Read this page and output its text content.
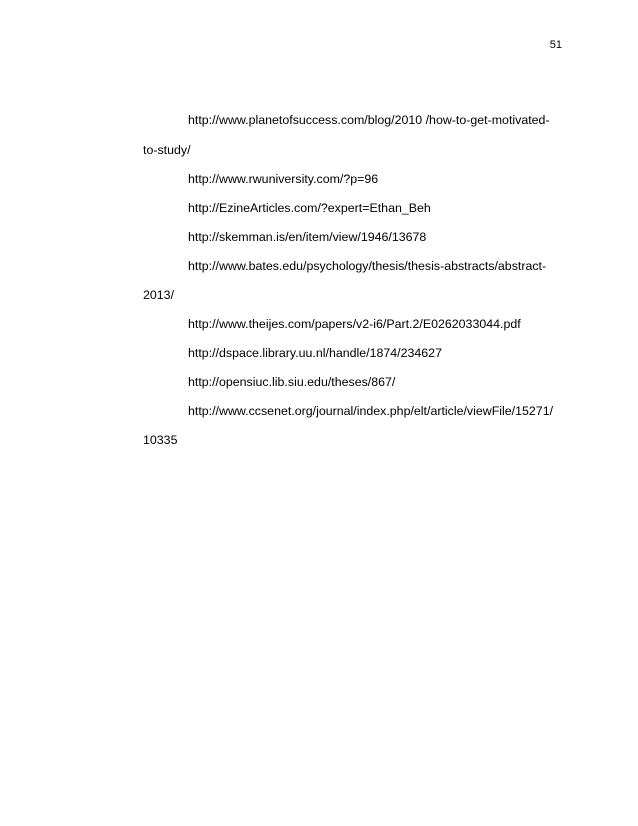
51
http://www.planetofsuccess.com/blog/2010 /how-to-get-motivated-
to-study/
http://www.rwuniversity.com/?p=96
http://EzineArticles.com/?expert=Ethan_Beh
http://skemman.is/en/item/view/1946/13678
http://www.bates.edu/psychology/thesis/thesis-abstracts/abstract-
2013/
http://www.theijes.com/papers/v2-i6/Part.2/E0262033044.pdf
http://dspace.library.uu.nl/handle/1874/234627
http://opensiuc.lib.siu.edu/theses/867/
http://www.ccsenet.org/journal/index.php/elt/article/viewFile/15271/
10335
